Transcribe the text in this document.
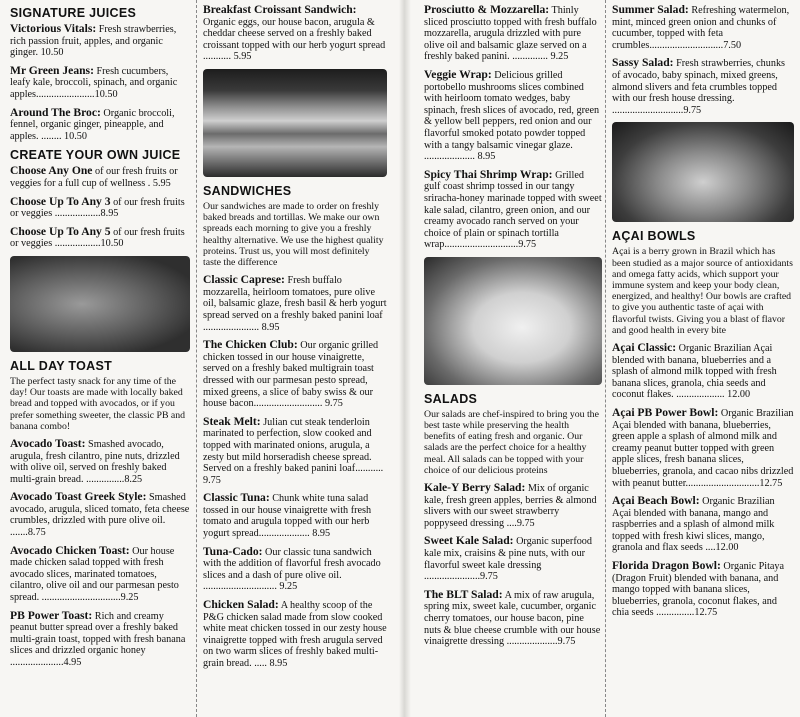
SIGNATURE JUICES
Victorious Vitals: Fresh strawberries, rich passion fruit, apples, and organic ginger. 10.50
Mr Green Jeans: Fresh cucumbers, leafy kale, broccoli, spinach, and organic apples.......................10.50
Around The Broc: Organic broccoli, fennel, organic ginger, pineapple, and apples. ........ 10.50
CREATE YOUR OWN JUICE
Choose Any One of our fresh fruits or veggies for a full cup of wellness . 5.95
Choose Up To Any 3 of our fresh fruits or veggies ..................8.95
Choose Up To Any 5 of our fresh fruits or veggies ..................10.50
ALL DAY TOAST
The perfect tasty snack for any time of the day! Our toasts are made with locally baked bread and topped with avocados, or if you prefer something sweeter, the classic PB and banana combo!
Avocado Toast: Smashed avocado, arugula, fresh cilantro, pine nuts, drizzled with olive oil, served on freshly baked multi-grain bread. ...............8.25
Avocado Toast Greek Style: Smashed avocado, arugula, sliced tomato, feta cheese crumbles, drizzled with pure olive oil. .......8.75
Avocado Chicken Toast: Our house made chicken salad topped with fresh avocado slices, marinated tomatoes, cilantro, olive oil and our parmesan pesto spread. ...............................9.25
PB Power Toast: Rich and creamy peanut butter spread over a freshly baked multi-grain toast, topped with fresh banana slices and drizzled organic honey .....................4.95
Breakfast Croissant Sandwich: Organic eggs, our house bacon, arugula & cheddar cheese served on a freshly baked croissant topped with our herb yogurt spread ........... 5.95
SANDWICHES
Our sandwiches are made to order on freshly baked breads and tortillas. We make our own spreads each morning to give you a freshly healthy alternative. We use the highest quality proteins. Trust us, you will most definitely taste the difference
Classic Caprese: Fresh buffalo mozzarella, heirloom tomatoes, pure olive oil, balsamic glaze, fresh basil & herb yogurt spread served on a freshly baked panini loaf ...................... 8.95
The Chicken Club: Our organic grilled chicken tossed in our house vinaigrette, served on a freshly baked multigrain toast dressed with our parmesan pesto spread, mixed greens, a slice of baby swiss & our house bacon........................... 9.75
Steak Melt: Julian cut steak tenderloin marinated to perfection, slow cooked and topped with marinated onions, arugula, a zesty but mild horseradish cheese spread. Served on a freshly baked panini loaf........... 9.75
Classic Tuna: Chunk white tuna salad tossed in our house vinaigrette with fresh tomato and arugula topped with our herb yogurt spread.................... 8.95
Tuna-Cado: Our classic tuna sandwich with the addition of flavorful fresh avocado slices and a dash of pure olive oil. ............................. 9.25
Chicken Salad: A healthy scoop of the P&G chicken salad made from slow cooked white meat chicken tossed in our zesty house vinaigrette topped with fresh arugula served on two warm slices of freshly baked multi-grain bread. ..... 8.95
Prosciutto & Mozzarella: Thinly sliced prosciutto topped with fresh buffalo mozzarella, arugula drizzled with pure olive oil and balsamic glaze served on a freshly baked panini. .............. 9.25
Veggie Wrap: Delicious grilled portobello mushrooms slices combined with heirloom tomato wedges, baby spinach, fresh slices of avocado, red, green & yellow bell peppers, red onion and our flavorful smoked potato powder topped with a tangy balsamic vinegar glaze. .................... 8.95
Spicy Thai Shrimp Wrap: Grilled gulf coast shrimp tossed in our tangy sriracha-honey marinade topped with sweet kale salad, cilantro, green onion, and our creamy avocado ranch served on your choice of plain or spinach tortilla wrap.............................9.75
SALADS
Our salads are chef-inspired to bring you the best taste while preserving the health benefits of eating fresh and organic. Our salads are the perfect choice for a healthy meal. All salads can be topped with your choice of our delicious proteins
Kale-Y Berry Salad: Mix of organic kale, fresh green apples, berries & almond slivers with our sweet strawberry poppyseed dressing ....9.75
Sweet Kale Salad: Organic superfood kale mix, craisins & pine nuts, with our flavorful sweet kale dressing ......................9.75
The BLT Salad: A mix of raw arugula, spring mix, sweet kale, cucumber, organic cherry tomatoes, our house bacon, pine nuts & blue cheese crumble with our house vinaigrette dressing ....................9.75
Summer Salad: Refreshing watermelon, mint, minced green onion and chunks of cucumber, topped with feta crumbles.............................7.50
Sassy Salad: Fresh strawberries, chunks of avocado, baby spinach, mixed greens, almond slivers and feta crumbles topped with our fresh house dressing. ............................9.75
AÇAI BOWLS
Açai is a berry grown in Brazil which has been studied as a major source of antioxidants and omega fatty acids, which support your immune system and keep your body clean, energized, and healthy! Our bowls are crafted to give you authentic taste of açai with flavorful twists. Giving you a blast of flavor and good health in every bite
Açai Classic: Organic Brazilian Açai blended with banana, blueberries and a splash of almond milk topped with fresh banana slices, granola, chia seeds and coconut flakes. ................... 12.00
Açai PB Power Bowl: Organic Brazilian Açai blended with banana, blueberries, green apple a splash of almond milk and creamy peanut butter topped with green apple slices, fresh banana slices, blueberries, granola, and cacao nibs drizzled with peanut butter.............................12.75
Açai Beach Bowl: Organic Brazilian Açai blended with banana, mango and raspberries and a splash of almond milk topped with fresh kiwi slices, mango, granola and flax seeds ....12.00
Florida Dragon Bowl: Organic Pitaya (Dragon Fruit) blended with banana, and mango topped with banana slices, blueberries, granola, coconut flakes, and chia seeds ...............12.75
